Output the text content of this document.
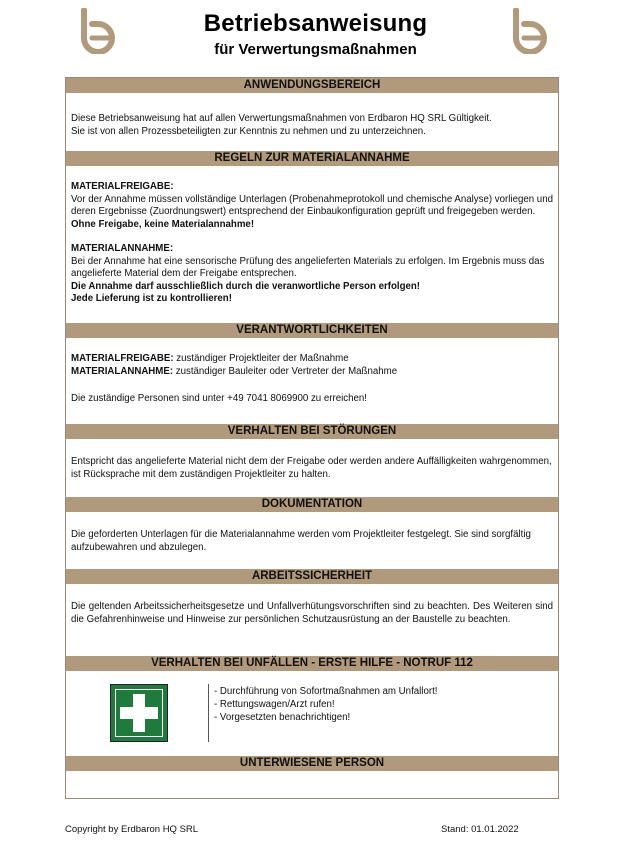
Betriebsanweisung
für Verwertungsmaßnahmen
ANWENDUNGSBEREICH

Diese Betriebsanweisung hat auf allen Verwertungsmaßnahmen von Erdbaron HQ SRL Gültigkeit.

Sie ist von allen Prozessbeteiligten zur Kenntnis zu nehmen und zu unterzeichnen.

REGELN ZUR MATERIALANNAHME

MATERIALFREIGABE:

Vor der Annahme müssen vollständige Unterlagen (Probenahmeprotokoll und chemische Analyse) vorliegen und deren Ergebnisse (Zuordnungswert) entsprechend der Einbaukonfiguration geprüft und freigegeben werden. Ohne Freigabe, keine Materialannahme!

MATERIALANNAHME:

Bei der Annahme hat eine sensorische Prüfung des angelieferten Materials zu erfolgen. Im Ergebnis muss das angelieferte Material dem der Freigabe entsprechen.

Die Annahme darf ausschließlich durch die veranwortliche Person erfolgen!

Jede Lieferung ist zu kontrollieren!

VERANTWORTLICHKEITEN

MATERIALFREIGABE: zuständiger Projektleiter der Maßnahme

MATERIALANNAHME: zuständiger Bauleiter oder Vertreter der Maßnahme

Die zuständige Personen sind unter +49 7041 8069900 zu erreichen!

VERHALTEN BEI STÖRUNGEN

Entspricht das angelieferte Material nicht dem der Freigabe oder werden andere Auffälligkeiten wahrgenommen, ist Rücksprache mit dem zuständigen Projektleiter zu halten.

DOKUMENTATION

Die geforderten Unterlagen für die Materialannahme werden vom Projektleiter festgelegt. Sie sind sorgfältig aufzubewahren und abzulegen.

ARBEITSSICHERHEIT

Die geltenden Arbeitssicherheitsgesetze und Unfallverhütungsvorschriften sind zu beachten. Des Weiteren sind die Gefahrenhinweise und Hinweise zur persönlichen Schutzausrüstung an der Baustelle zu beachten.

VERHALTEN BEI UNFÄLLEN - ERSTE HILFE - NOTRUF 112
- Durchführung von Sofortmaßnahmen am Unfallort!
- Rettungswagen/Arzt rufen!
- Vorgesetzten benachrichtigen!
UNTERWIESENE PERSON
Copyright by Erdbaron HQ SRL	Stand: 01.01.2022
